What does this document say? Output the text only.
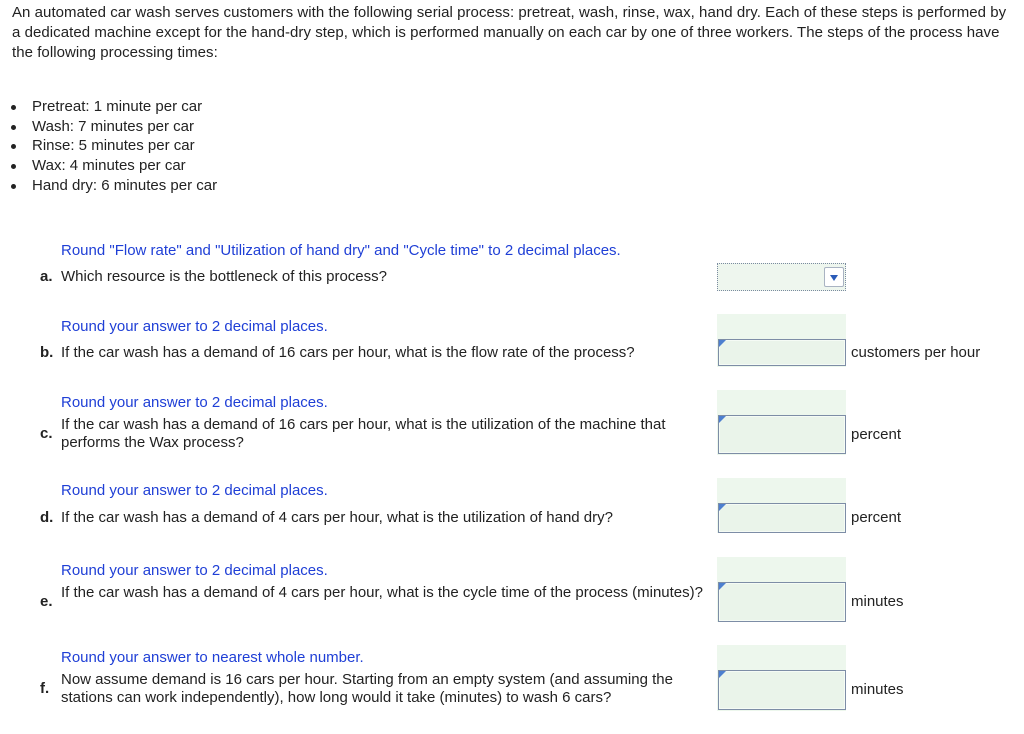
An automated car wash serves customers with the following serial process: pretreat, wash, rinse, wax, hand dry. Each of these steps is performed by a dedicated machine except for the hand-dry step, which is performed manually on each car by one of three workers. The steps of the process have the following processing times:

Pretreat: 1 minute per car
Wash: 7 minutes per car
Rinse: 5 minutes per car
Wax: 4 minutes per car
Hand dry: 6 minutes per car
Round "Flow rate" and "Utilization of hand dry" and "Cycle time" to 2 decimal places.
a. Which resource is the bottleneck of this process?
Round your answer to 2 decimal places.
b. If the car wash has a demand of 16 cars per hour, what is the flow rate of the process?	customers per hour
Round your answer to 2 decimal places.
c.
If the car wash has a demand of 16 cars per hour, what is the utilization of the machine that performs the Wax process?	percent
Round your answer to 2 decimal places.
d. If the car wash has a demand of 4 cars per hour, what is the utilization of hand dry?	percent
Round your answer to 2 decimal places.
e.
If the car wash has a demand of 4 cars per hour, what is the cycle time of the process (minutes)?
minutes
Round your answer to nearest whole number.
f.
Now assume demand is 16 cars per hour. Starting from an empty system (and assuming the stations can work independently), how long would it take (minutes) to wash 6 cars?	minutes
